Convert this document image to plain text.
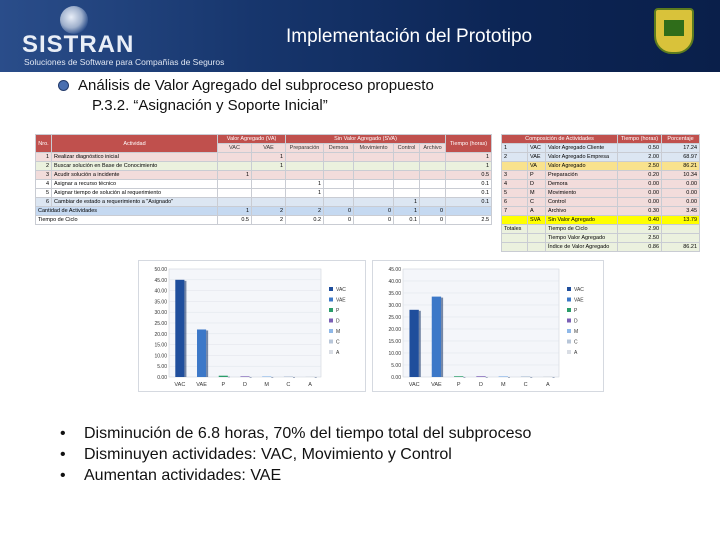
SISTRAN
Soluciones de Software para Compañías de Seguros
Implementación del Prototipo
Análisis de Valor Agregado del subproceso propuesto
P.3.2. “Asignación y Soporte Inicial”
Nro.	Actividad	Valor Agregado (VA)		Sin Valor Agregado (SVA)					Tiempo (horas)
		VAC	VAE	Preparación	Demora	Movimiento	Control	Archivo	
1	Realizar diagnóstico inicial		1						1
2	Buscar solución en Base de Conocimiento		1						1
3	Acudir solución a incidente	1							0.5
4	Asignar a recurso técnico			1					0.1
5	Asignar tiempo de solución al requerimiento			1					0.1
6	Cambiar de estado a requerimiento a "Asignado"						1		0.1
Cantidad de Actividades		1	2	2	0	0	1	0	
Tiempo de Ciclo		0.5	2	0.2	0	0	0.1	0	2.5
Composición de Actividades			Tiempo (horas)	Porcentaje
1	VAC	Valor Agregado Cliente	0.50	17.24
2	VAE	Valor Agregado Empresa	2.00	68.97
	VA	Valor Agregado	2.50	86.21
3	P	Preparación	0.20	10.34
4	D	Demora	0.00	0.00
5	M	Movimiento	0.00	0.00
6	C	Control	0.00	0.00
7	A	Archivo	0.30	3.45
	SVA	Sin Valor Agregado	0.40	13.79
Totales		Tiempo de Ciclo	2.90	
		Tiempo Valor Agregado	2.50	
		Índice de Valor Agregado	0.86	86.21
0.00
5.00
10.00
15.00
20.00
25.00
30.00
35.00
40.00
45.00
50.00
VAC VAE	P	D	M	C	A
VAC
VAE
P
D
M
C
A
0.00
5.00
10.00
15.00
20.00
25.00
30.00
35.00
40.00
45.00
VAC VAE	P	D	M	C	A
VAC
VAE
P
D
M
C
A
•	Disminución de 6.8 horas, 70% del tiempo total del subproceso
•	Disminuyen actividades: VAC, Movimiento y Control
•	Aumentan actividades: VAE
